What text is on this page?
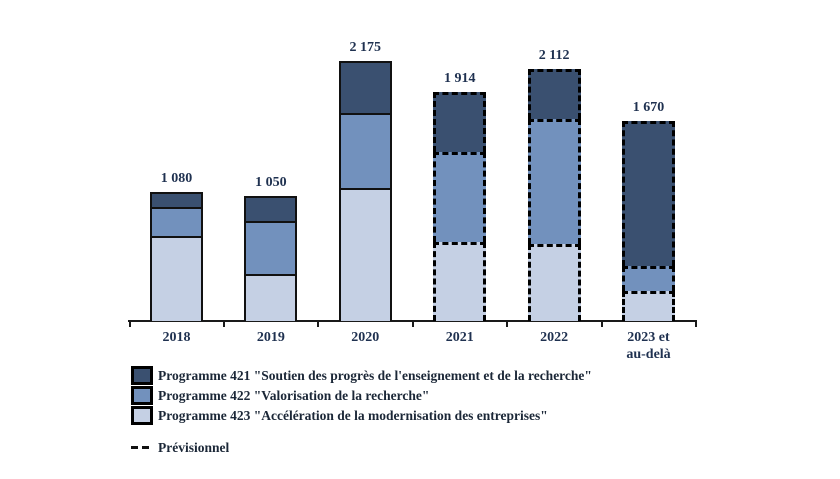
1 080
2018
1 050
2019
2 175
2020
1 914
2021
2 112
2022
1 670
2023 et
au-delà
Programme 421 "Soutien des progrès de l'enseignement et de la recherche"
Programme 422 "Valorisation de la recherche"
Programme 423 "Accélération de la modernisation des entreprises"
Prévisionnel
